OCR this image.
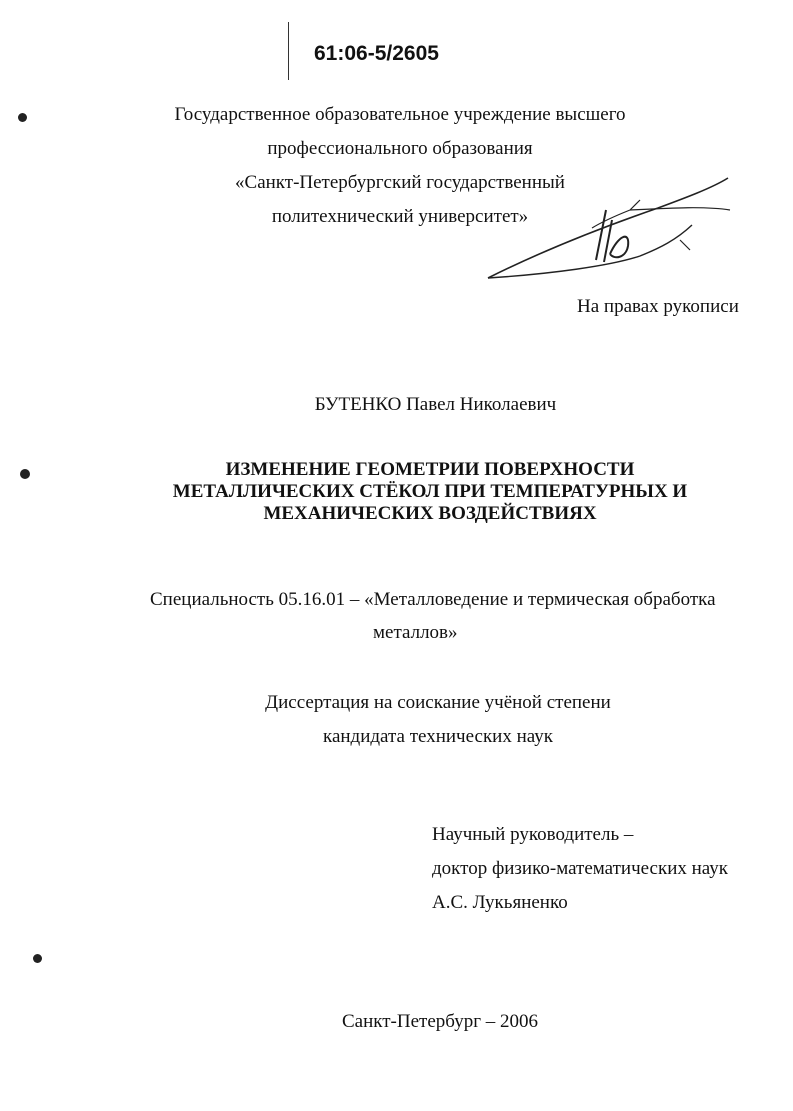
61:06-5/2605
Государственное образовательное учреждение высшего
профессионального образования
«Санкт-Петербургский государственный
политехнический университет»
На правах рукописи
БУТЕНКО Павел Николаевич
ИЗМЕНЕНИЕ ГЕОМЕТРИИ ПОВЕРХНОСТИ
МЕТАЛЛИЧЕСКИХ СТЁКОЛ ПРИ ТЕМПЕРАТУРНЫХ И
МЕХАНИЧЕСКИХ ВОЗДЕЙСТВИЯХ
Специальность 05.16.01 – «Металловедение и термическая обработка
металлов»
Диссертация на соискание учёной степени
кандидата технических наук
Научный руководитель –
доктор физико-математических наук
А.С. Лукьяненко
Санкт-Петербург – 2006
